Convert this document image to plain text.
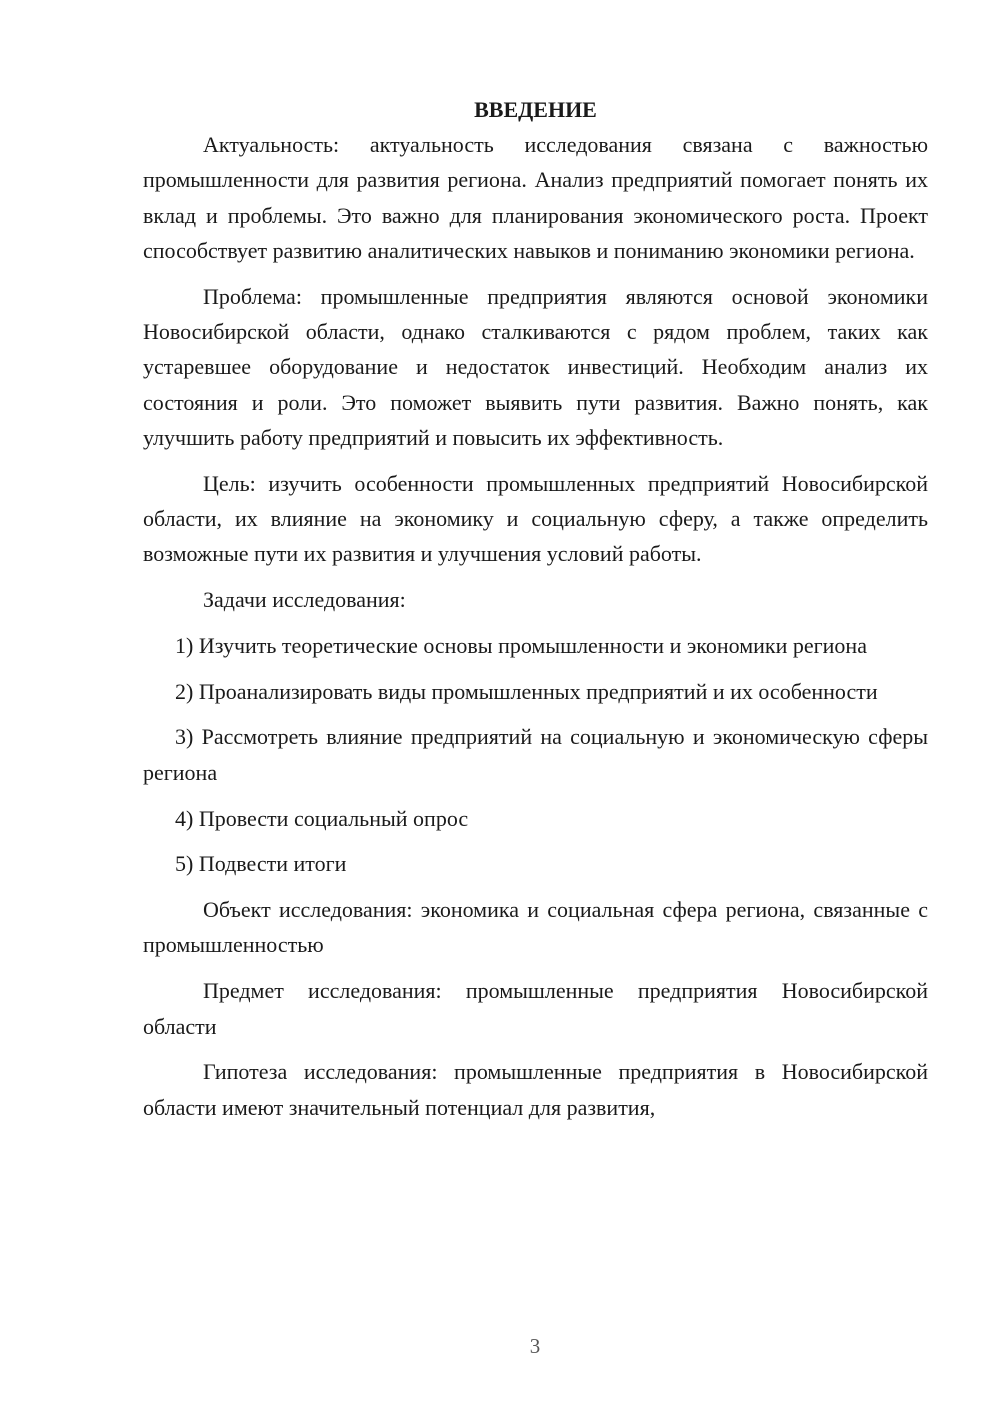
ВВЕДЕНИЕ

Актуальность: актуальность исследования связана с важностью промышленности для развития региона. Анализ предприятий помогает понять их вклад и проблемы. Это важно для планирования экономического роста. Проект способствует развитию аналитических навыков и пониманию экономики региона.

Проблема: промышленные предприятия являются основой экономики Новосибирской области, однако сталкиваются с рядом проблем, таких как устаревшее оборудование и недостаток инвестиций. Необходим анализ их состояния и роли. Это поможет выявить пути развития. Важно понять, как улучшить работу предприятий и повысить их эффективность.

Цель: изучить особенности промышленных предприятий Новосибирской области, их влияние на экономику и социальную сферу, а также определить возможные пути их развития и улучшения условий работы.

Задачи исследования:

1) Изучить теоретические основы промышленности и экономики региона

2) Проанализировать виды промышленных предприятий и их особенности

3) Рассмотреть влияние предприятий на социальную и экономическую сферы региона

4) Провести социальный опрос

5) Подвести итоги

Объект исследования: экономика и социальная сфера региона, связанные с промышленностью

Предмет исследования: промышленные предприятия Новосибирской области

Гипотеза исследования: промышленные предприятия в Новосибирской области имеют значительный потенциал для развития,

3
